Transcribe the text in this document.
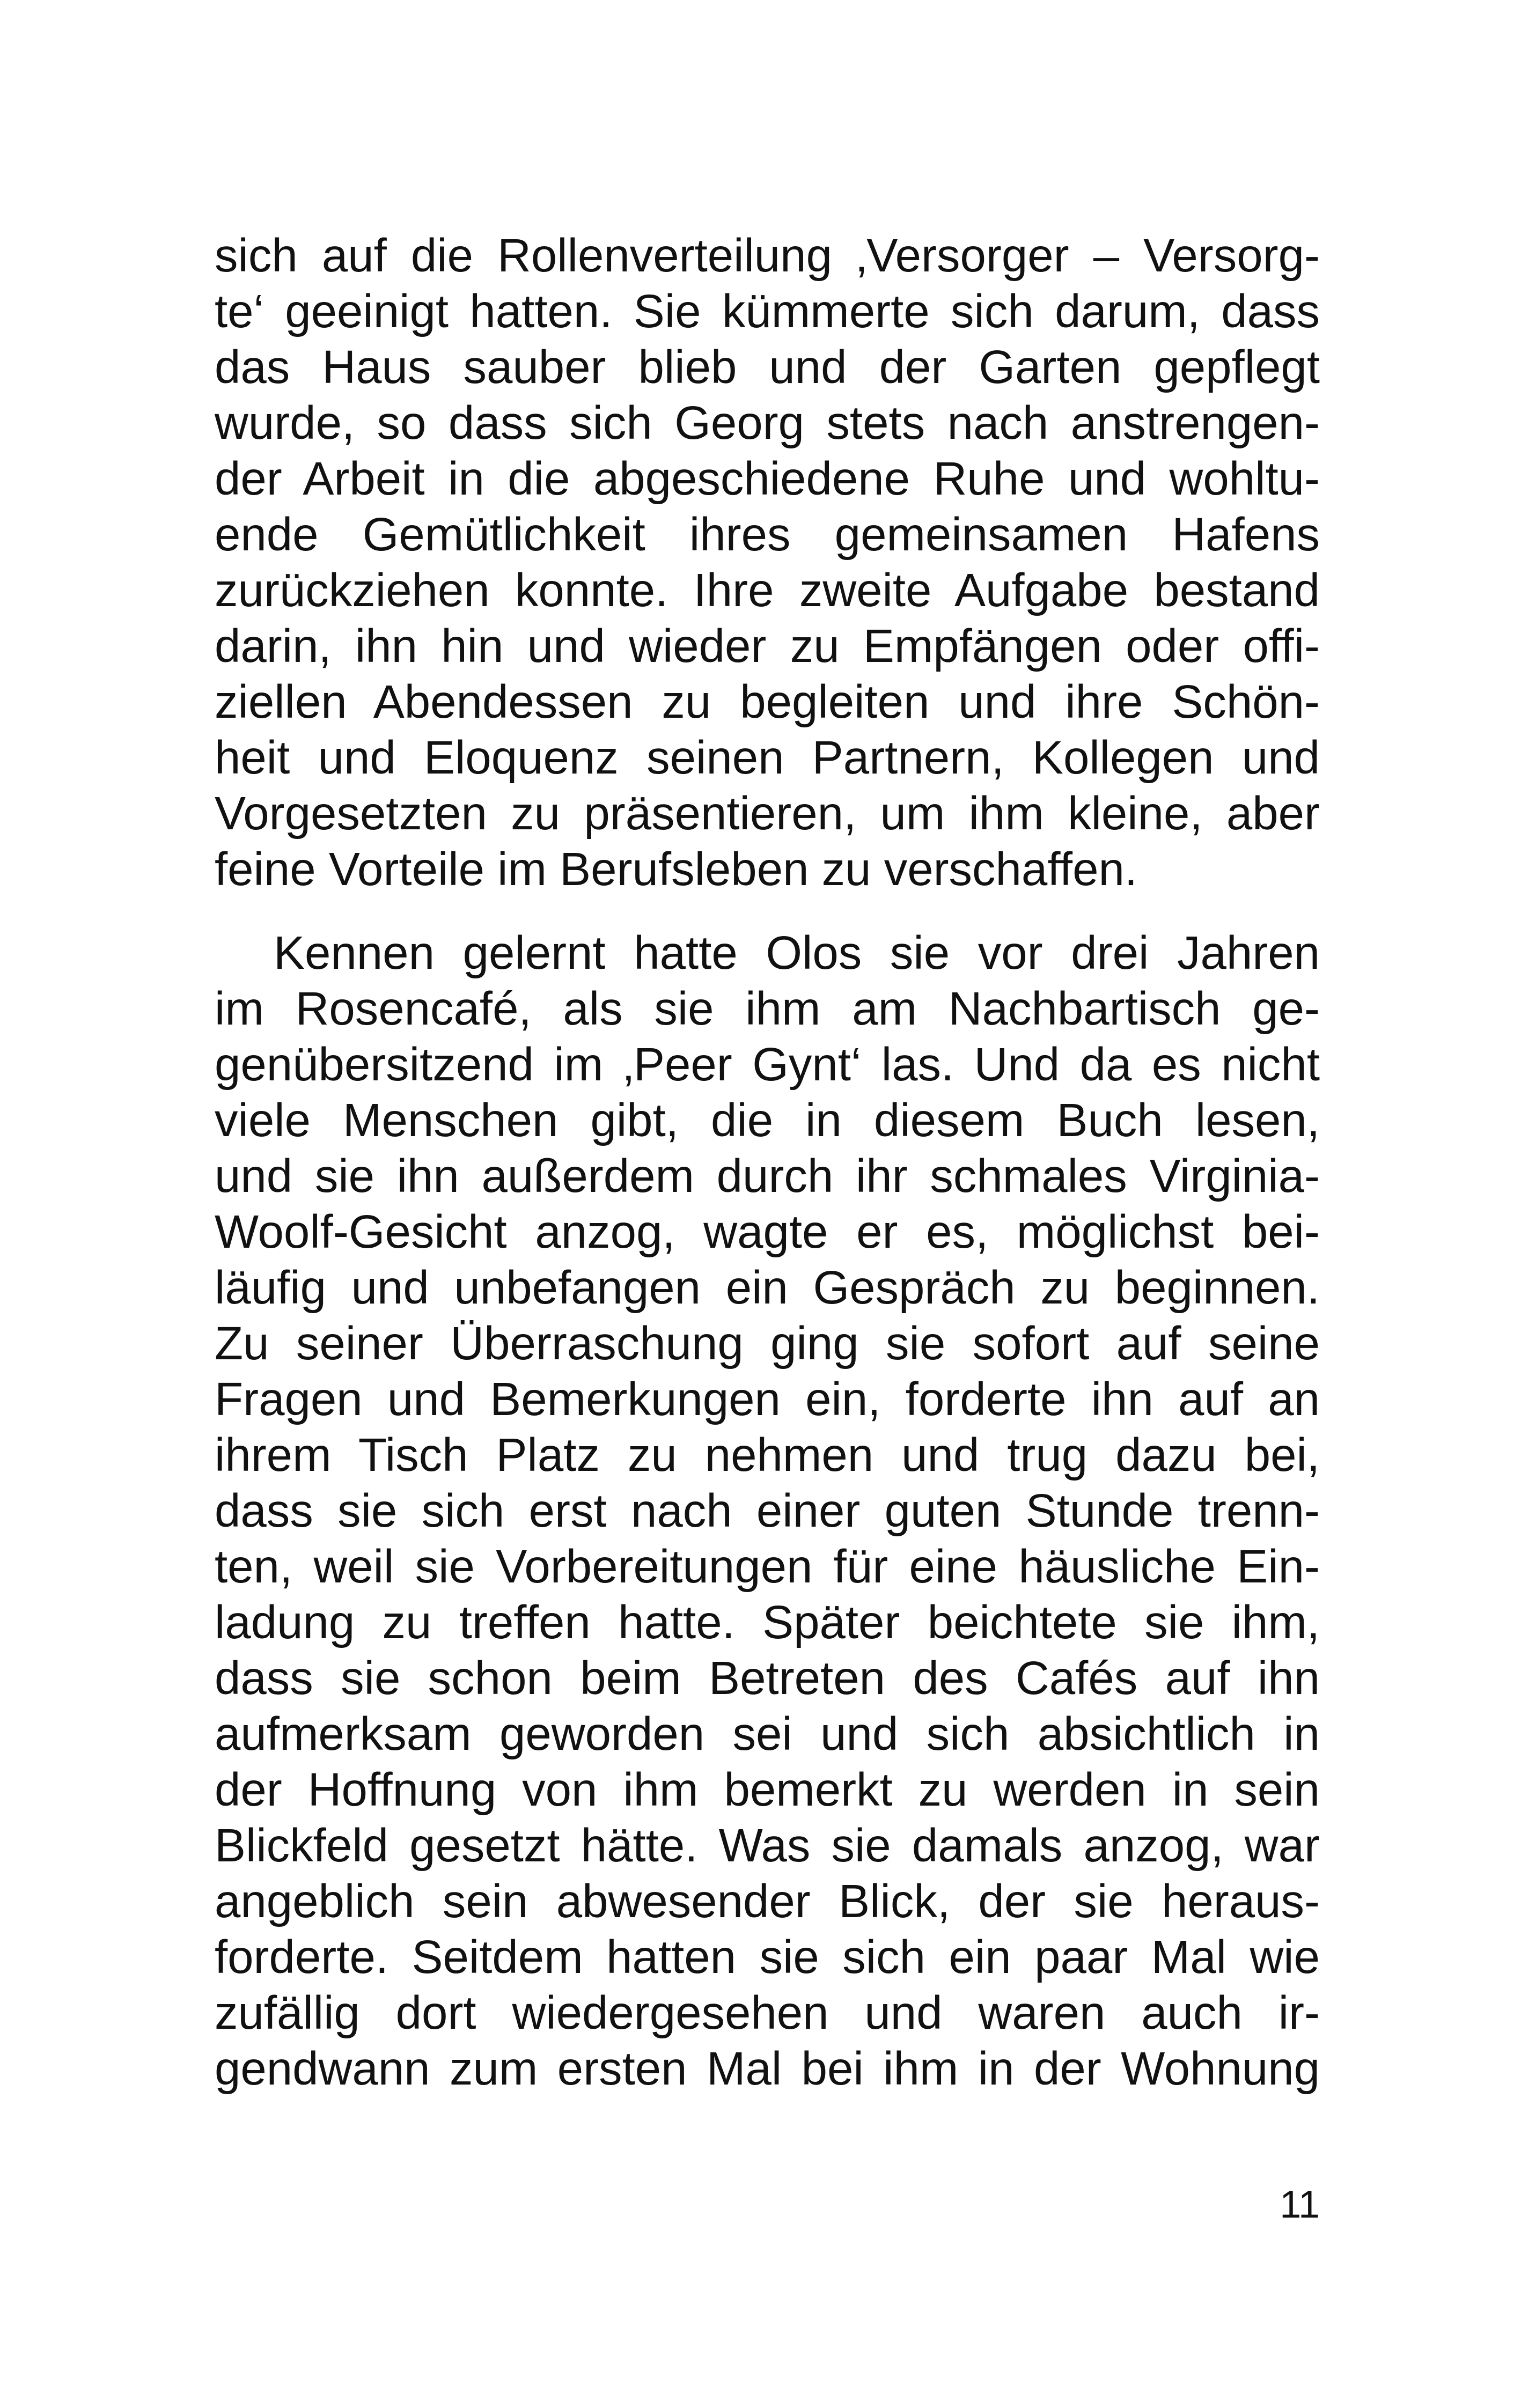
sich auf die Rollenverteilung ‚Versorger – Versorg-
te‘ geeinigt hatten. Sie kümmerte sich darum, dass
das Haus sauber blieb und der Garten gepflegt
wurde, so dass sich Georg stets nach anstrengen-
der Arbeit in die abgeschiedene Ruhe und wohltu-
ende Gemütlichkeit ihres gemeinsamen Hafens
zurückziehen konnte. Ihre zweite Aufgabe bestand
darin, ihn hin und wieder zu Empfängen oder offi-
ziellen Abendessen zu begleiten und ihre Schön-
heit und Eloquenz seinen Partnern, Kollegen und
Vorgesetzten zu präsentieren, um ihm kleine, aber
feine Vorteile im Berufsleben zu verschaffen.
Kennen gelernt hatte Olos sie vor drei Jahren
im Rosencafé, als sie ihm am Nachbartisch ge-
genübersitzend im ‚Peer Gynt‘ las. Und da es nicht
viele Menschen gibt, die in diesem Buch lesen,
und sie ihn außerdem durch ihr schmales Virginia-
Woolf-Gesicht anzog, wagte er es, möglichst bei-
läufig und unbefangen ein Gespräch zu beginnen.
Zu seiner Überraschung ging sie sofort auf seine
Fragen und Bemerkungen ein, forderte ihn auf an
ihrem Tisch Platz zu nehmen und trug dazu bei,
dass sie sich erst nach einer guten Stunde trenn-
ten, weil sie Vorbereitungen für eine häusliche Ein-
ladung zu treffen hatte. Später beichtete sie ihm,
dass sie schon beim Betreten des Cafés auf ihn
aufmerksam geworden sei und sich absichtlich in
der Hoffnung von ihm bemerkt zu werden in sein
Blickfeld gesetzt hätte. Was sie damals anzog, war
angeblich sein abwesender Blick, der sie heraus-
forderte. Seitdem hatten sie sich ein paar Mal wie
zufällig dort wiedergesehen und waren auch ir-
gendwann zum ersten Mal bei ihm in der Wohnung
11
